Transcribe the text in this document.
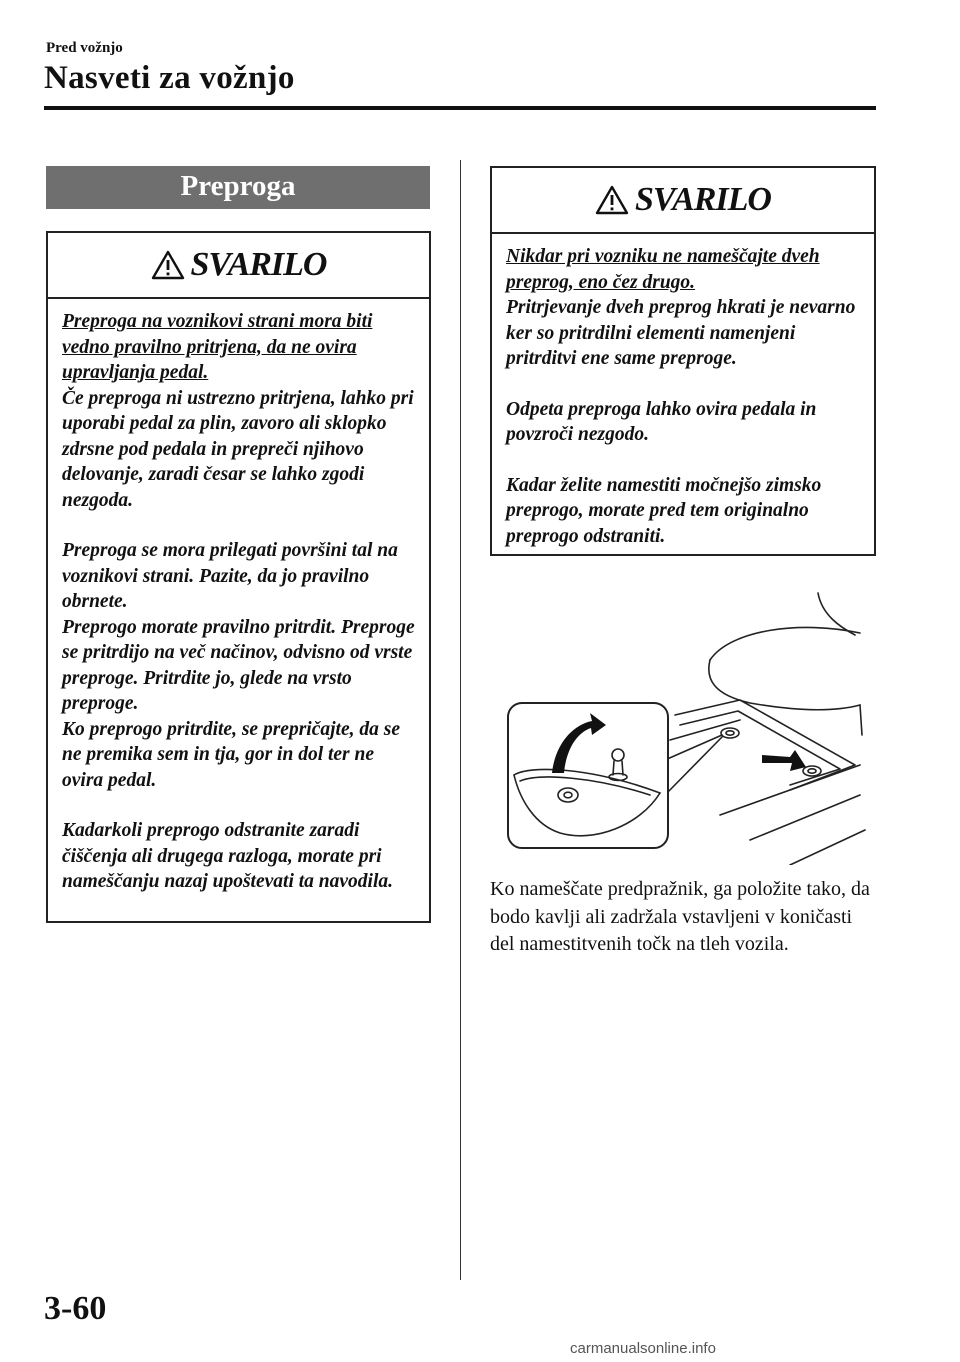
Pred vožnjo
Nasveti za vožnjo
Preproga
SVARILO

Preproga na voznikovi strani mora biti vedno pravilno pritrjena, da ne ovira upravljanja pedal.
Če preproga ni ustrezno pritrjena, lahko pri uporabi pedal za plin, zavoro ali sklopko zdrsne pod pedala in prepreči njihovo delovanje, zaradi česar se lahko zgodi nezgoda.

Preproga se mora prilegati površini tal na voznikovi strani. Pazite, da jo pravilno obrnete.

Preprogo morate pravilno pritrdit. Preproge se pritrdijo na več načinov, odvisno od vrste preproge. Pritrdite jo, glede na vrsto preproge.

Ko preprogo pritrdite, se prepričajte, da se ne premika sem in tja, gor in dol ter ne ovira pedal.

Kadarkoli preprogo odstranite zaradi čiščenja ali drugega razloga, morate pri nameščanju nazaj upoštevati ta navodila.

SVARILO

Nikdar pri vozniku ne nameščajte dveh preprog, eno čez drugo.
Pritrjevanje dveh preprog hkrati je nevarno ker so pritrdilni elementi namenjeni pritrditvi ene same preproge.

Odpeta preproga lahko ovira pedala in povzroči nezgodo.

Kadar želite namestiti močnejšo zimsko preprogo, morate pred tem originalno preprogo odstraniti.

Ko nameščate predpražnik, ga položite tako, da bodo kavlji ali zadržala vstavljeni v koničasti del namestitvenih točk na tleh vozila.
3-60
carmanualsonline.info
